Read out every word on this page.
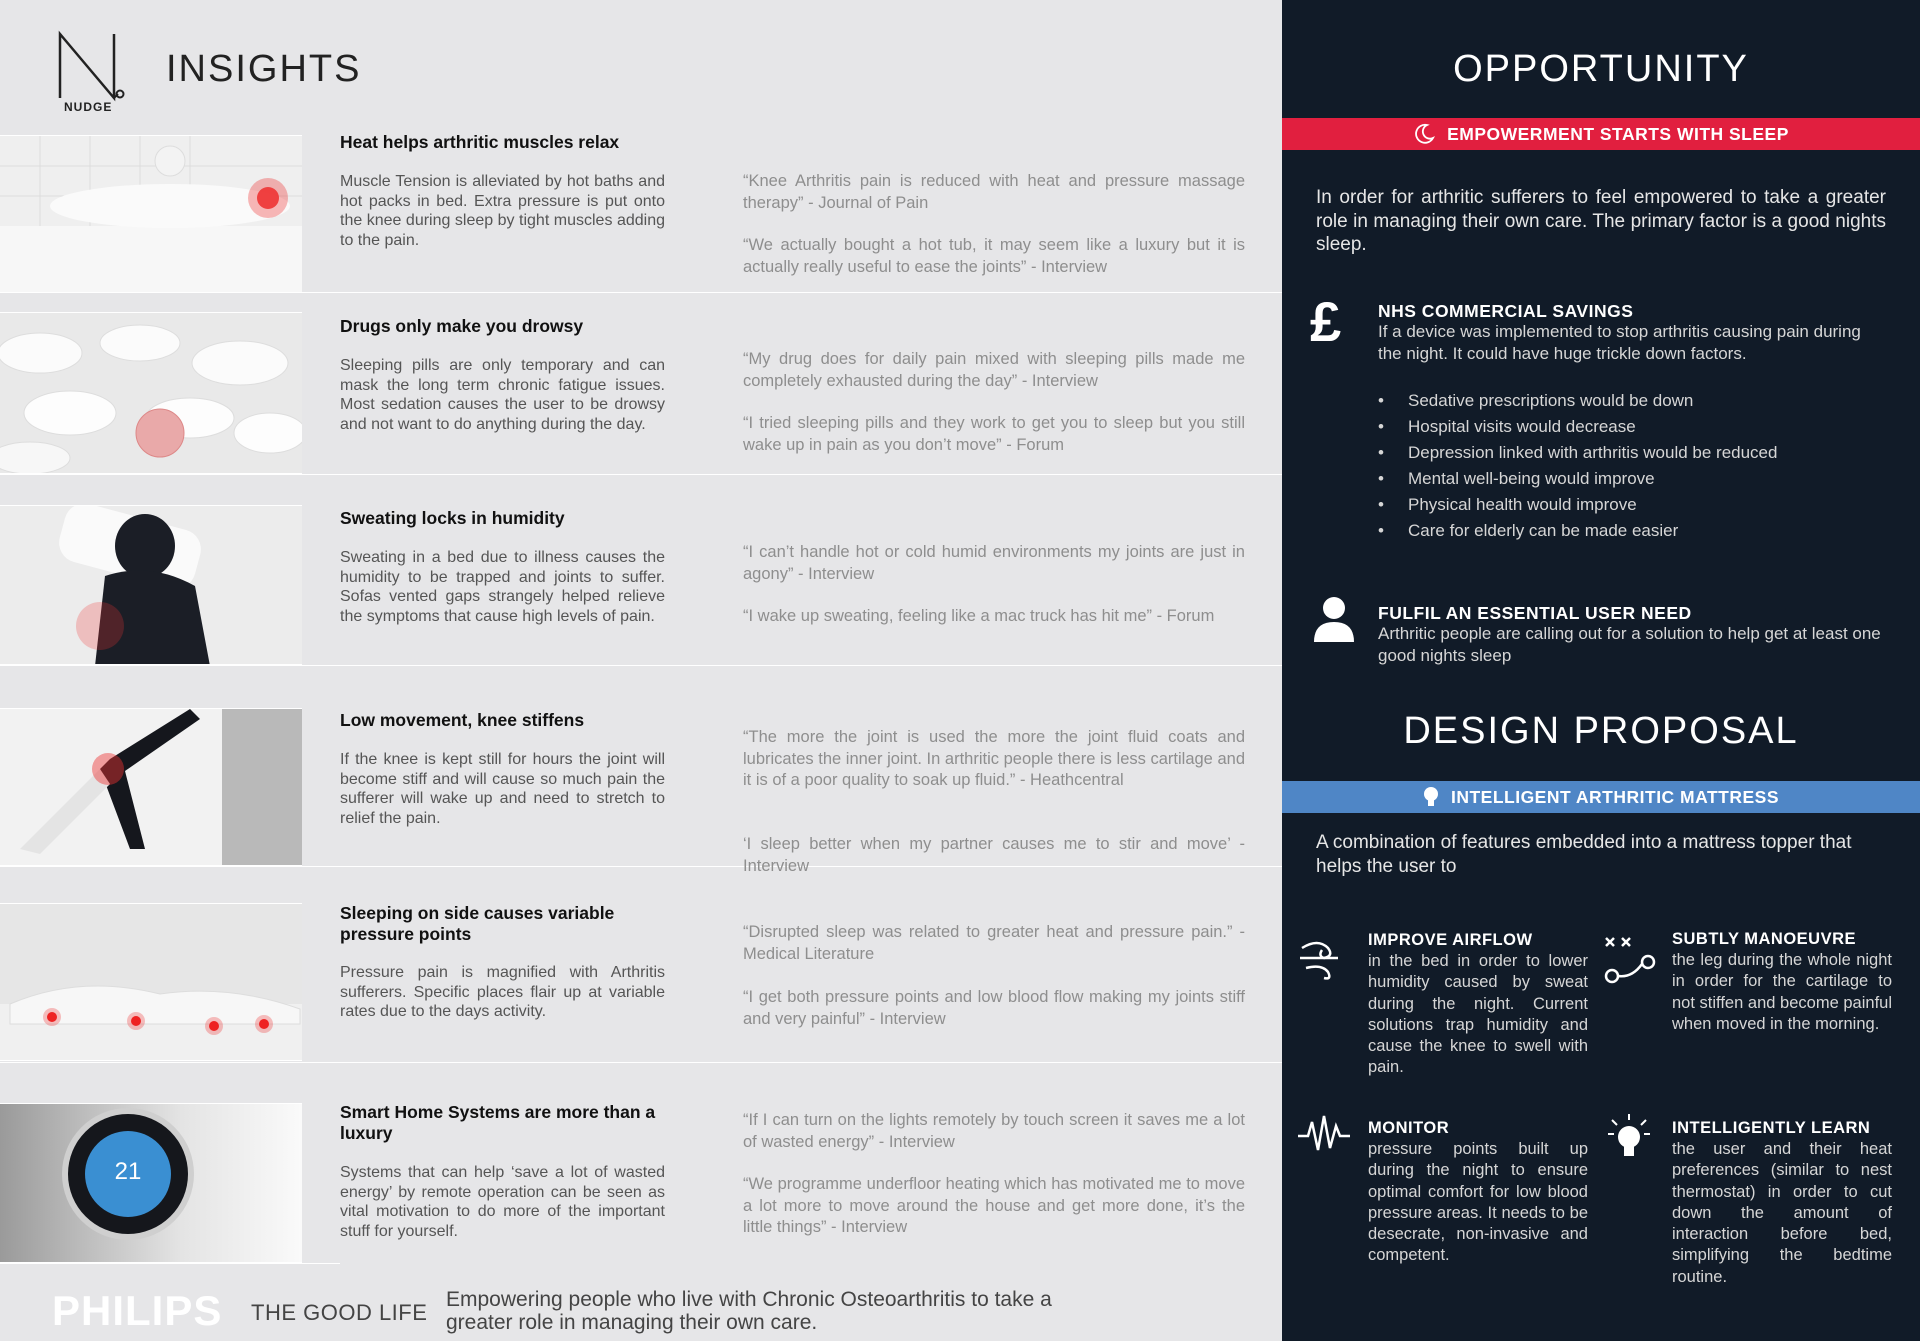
NUDGE
INSIGHTS
Heat helps arthritic muscles relax
Muscle Tension is alleviated by hot baths and hot packs in bed. Extra pressure is put onto the knee during sleep by tight muscles adding to the pain.
“Knee Arthritis pain is reduced with heat and pressure massage therapy” - Journal of Pain
“We actually bought a hot tub, it may seem like a luxury but it is actually really useful to ease the joints” - Interview
Drugs only make you drowsy
Sleeping pills are only temporary and can mask the long term chronic fatigue issues. Most sedation causes the user to be drowsy and not want to do anything during the day.
“My drug does for daily pain mixed with sleeping pills made me completely exhausted during the day” - Interview
“I tried sleeping pills and they work to get you to sleep but you still wake up in pain as you don’t move” - Forum
Sweating locks in humidity
Sweating in a bed due to illness causes the humidity to be trapped and joints to suffer. Sofas vented gaps strangely helped relieve the symptoms that cause high levels of pain.
“I can’t handle hot or cold humid environments my joints are just in agony” - Interview
“I wake up sweating, feeling like a mac truck has hit me” - Forum
Low movement, knee stiffens
If the knee is kept still for hours the joint will become stiff and will cause so much pain the sufferer will wake up and need to stretch to relief the pain.
“The more the joint is used the more the joint fluid coats and lubricates the inner joint. In arthritic people there is less cartilage and it is of a poor quality to soak up fluid.” - Heathcentral
‘I sleep better when my partner causes me to stir and move’ - Interview
Sleeping on side causes variable pressure points
Pressure pain is magnified with Arthritis sufferers. Specific places flair up at variable rates due to the days activity.
“Disrupted sleep was related to greater heat and pressure pain.” - Medical Literature
“I get both pressure points and low blood flow making my joints stiff and very painful” - Interview
21
Smart Home Systems are more than a luxury
Systems that can help ‘save a lot of wasted energy’ by remote operation can be seen as vital motivation to do more of the important stuff for yourself.
“If I can turn on the lights remotely by touch screen it saves me a lot of wasted energy” - Interview
“We programme underfloor heating which has motivated me to move a lot more to move around the house and get more done, it’s the little things” - Interview
PHILIPS THE GOOD LIFE
Empowering people who live with Chronic Osteoarthritis to take a greater role in managing their own care.
OPPORTUNITY
EMPOWERMENT STARTS WITH SLEEP
In order for arthritic sufferers to feel empowered to take a greater role in managing their own care. The primary factor is a good nights sleep.
£ NHS COMMERCIAL SAVINGS
If a device was implemented to stop arthritis causing pain during the night. It could have huge trickle down factors.
• Sedative prescriptions would be down
• Hospital visits would decrease
• Depression linked with arthritis would be reduced
• Mental well-being would improve
• Physical health would improve
• Care for elderly can be made easier
FULFIL AN ESSENTIAL USER NEED
Arthritic people are calling out for a solution to help get at least one good nights sleep
DESIGN PROPOSAL
INTELLIGENT ARTHRITIC MATTRESS
A combination of features embedded into a mattress topper that helps the user to
IMPROVE AIRFLOW
in the bed in order to lower humidity caused by sweat during the night. Current solutions trap humidity and cause the knee to swell with pain.
SUBTLY MANOEUVRE
the leg during the whole night in order for the cartilage to not stiffen and become painful when moved in the morning.
MONITOR
pressure points built up during the night to ensure optimal comfort for low blood pressure areas. It needs to be desecrate, non-invasive and competent.
INTELLIGENTLY LEARN
the user and their heat preferences (similar to nest thermostat) in order to cut down the amount of interaction before bed, simplifying the bedtime routine.
